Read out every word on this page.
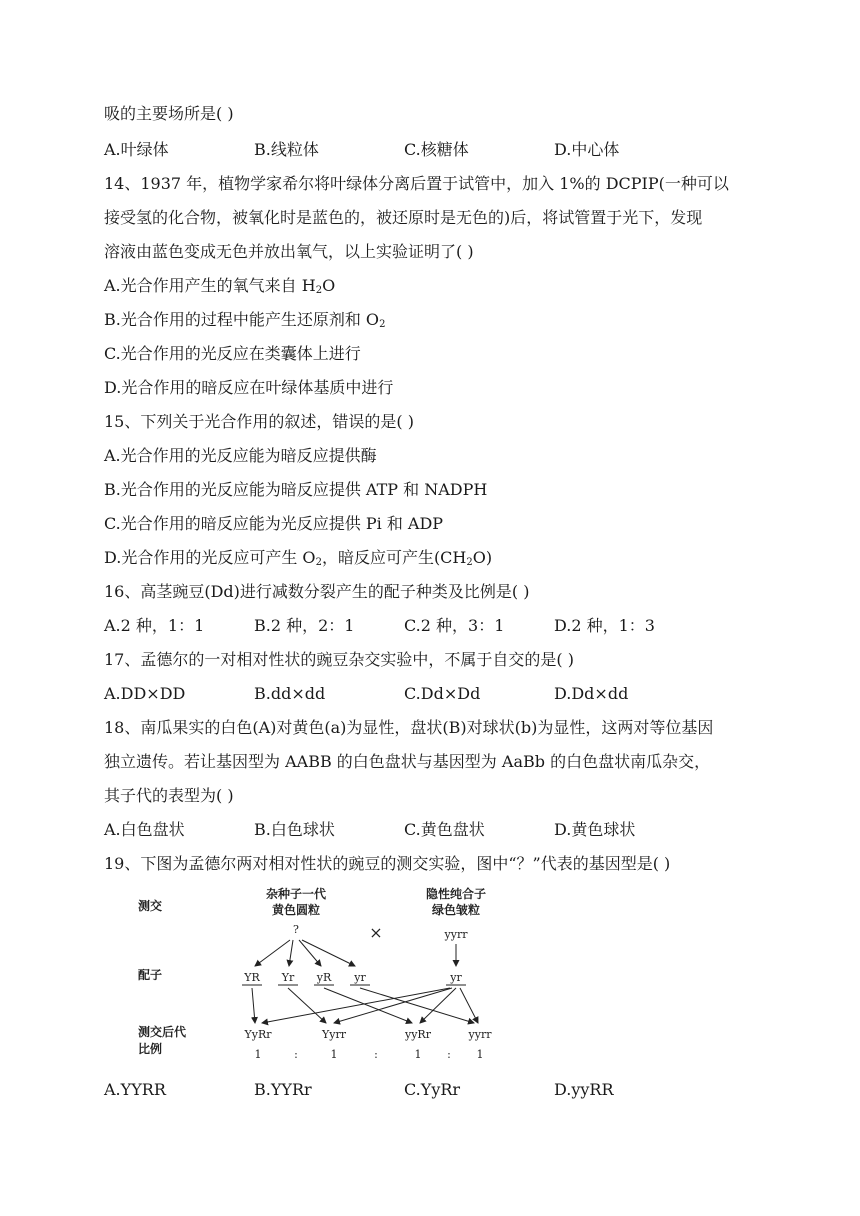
吸的主要场所是( )
A.叶绿体	B.线粒体	C.核糖体	D.中心体
14、1937 年，植物学家希尔将叶绿体分离后置于试管中，加入 1%的 DCPIP(一种可以
接受氢的化合物，被氧化时是蓝色的，被还原时是无色的)后，将试管置于光下，发现
溶液由蓝色变成无色并放出氧气，以上实验证明了( )
A.光合作用产生的氧气来自 $H_2O$
B.光合作用的过程中能产生还原剂和 $O_2$
C.光合作用的光反应在类囊体上进行
D.光合作用的暗反应在叶绿体基质中进行
15、下列关于光合作用的叙述，错误的是( )
A.光合作用的光反应能为暗反应提供酶
B.光合作用的光反应能为暗反应提供 ATP 和 NADPH
C.光合作用的暗反应能为光反应提供 Pi 和 ADP
D.光合作用的光反应可产生 $O_2$，暗反应可产生$(CH_2O)$
16、高茎豌豆(Dd)进行减数分裂产生的配子种类及比例是( )
A.2 种，1：1	B.2 种，2：1	C.2 种，3：1	D.2 种，1：3
17、孟德尔的一对相对性状的豌豆杂交实验中，不属于自交的是( )
A.DD×DD	B.dd×dd	C.Dd×Dd	D.Dd×dd
18、南瓜果实的白色(A)对黄色(a)为显性，盘状(B)对球状(b)为显性，这两对等位基因
独立遗传。若让基因型为 AABB 的白色盘状与基因型为 AaBb 的白色盘状南瓜杂交，
其子代的表型为( )
A.白色盘状	B.白色球状	C.黄色盘状	D.黄色球状
19、下图为孟德尔两对相对性状的豌豆的测交实验，图中“？”代表的基因型是( )
测交
配子
测交后代
比例
杂种子一代
黄色圆粒
?	×
隐性纯合子
绿色皱粒
yyrr
YR Yr yR yr	yr
YyRr	Yyrr	yyRr	yyrr
1	:	1	:	1 : 1
A.YYRR	B.YYRr	C.YyRr	D.yyRR
